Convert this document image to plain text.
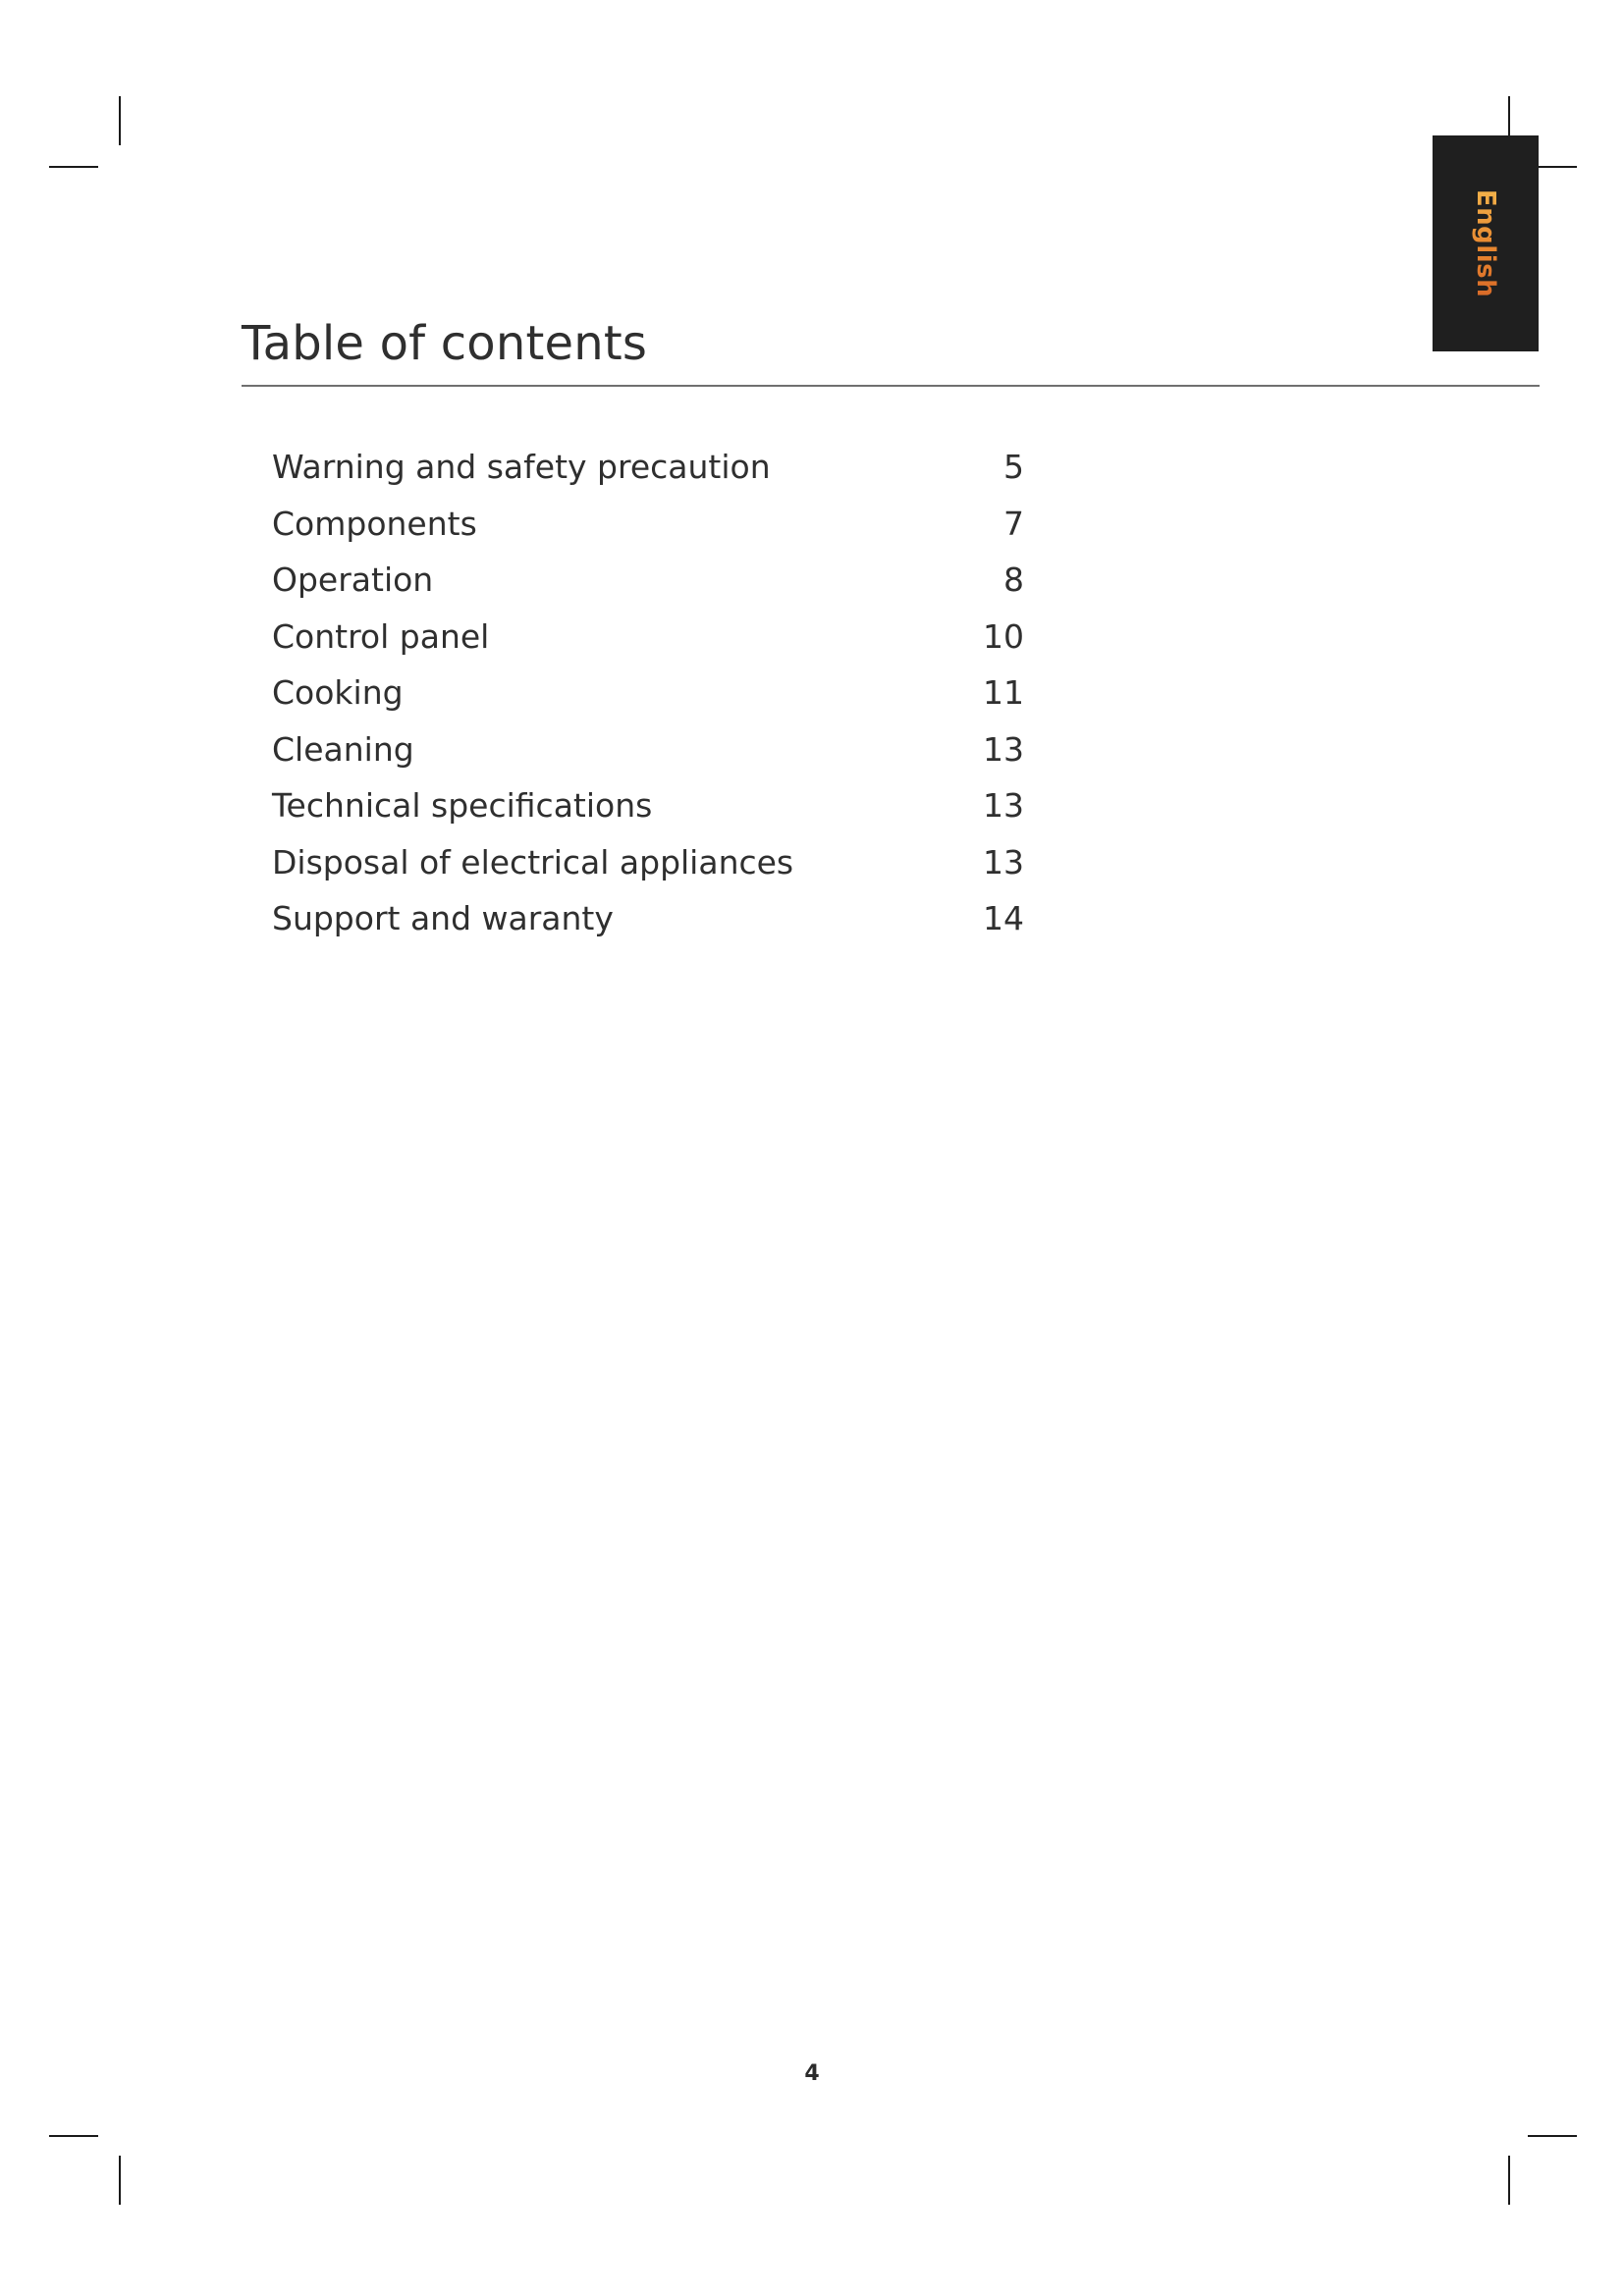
English
Table of contents
Warning and safety precaution	5
Components	7
Operation	8
Control panel	10
Cooking	11
Cleaning	13
Technical specifications	13
Disposal of electrical appliances	13
Support and waranty	14
4
